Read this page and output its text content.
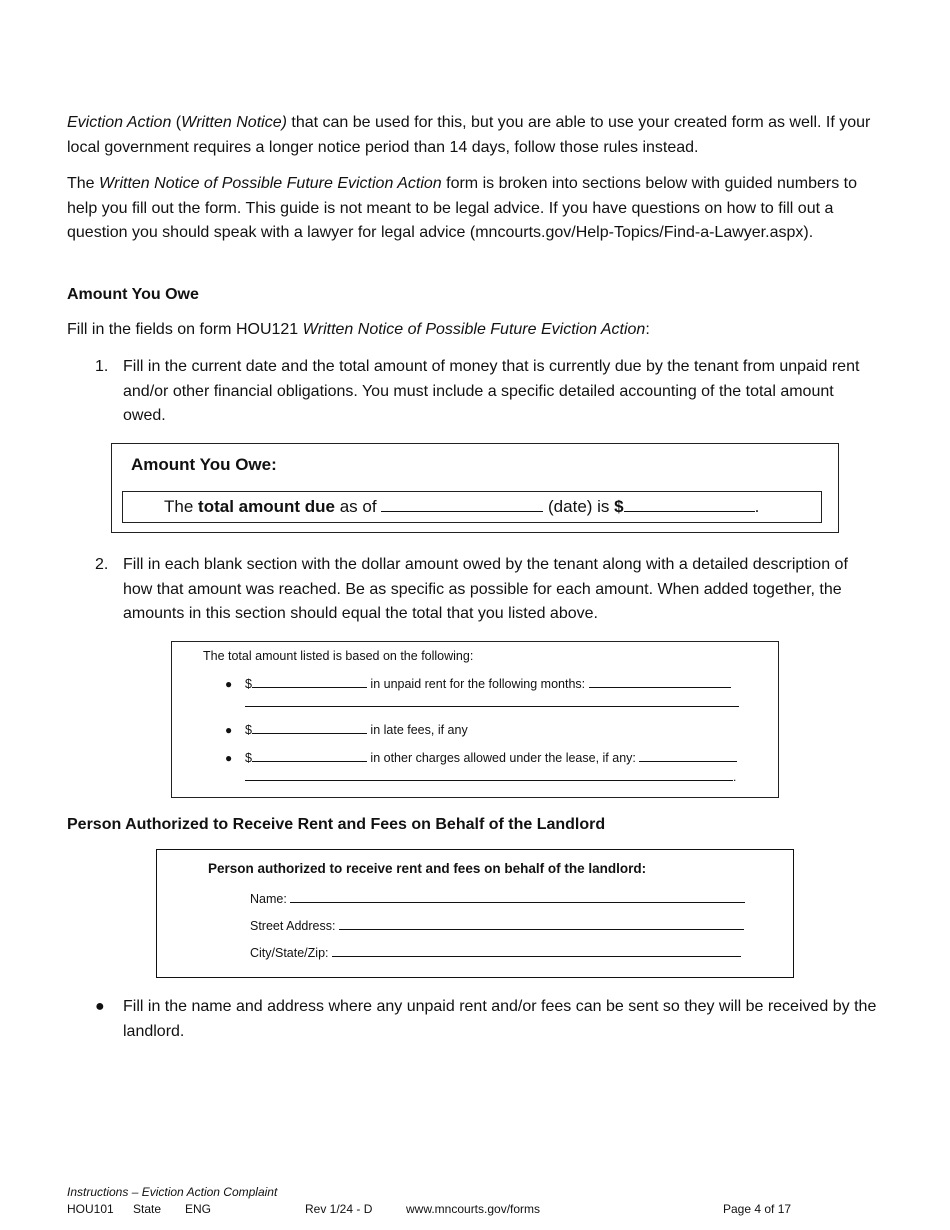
Eviction Action (Written Notice) that can be used for this, but you are able to use your created form as well. If your local government requires a longer notice period than 14 days, follow those rules instead.

The Written Notice of Possible Future Eviction Action form is broken into sections below with guided numbers to help you fill out the form. This guide is not meant to be legal advice. If you have questions on how to fill out a question you should speak with a lawyer for legal advice (mncourts.gov/Help-Topics/Find-a-Lawyer.aspx).

Amount You Owe

Fill in the fields on form HOU121 Written Notice of Possible Future Eviction Action:

1. Fill in the current date and the total amount of money that is currently due by the tenant from unpaid rent and/or other financial obligations. You must include a specific detailed accounting of the total amount owed.
Amount You Owe:
The total amount due as of	(date) is $	.
2. Fill in each blank section with the dollar amount owed by the tenant along with a detailed description of how that amount was reached. Be as specific as possible for each amount. When added together, the amounts in this section should equal the total that you listed above.
The total amount listed is based on the following:
● $	in unpaid rent for the following months:
● $	in late fees, if any
● $	in other charges allowed under the lease, if any:
.
Person Authorized to Receive Rent and Fees on Behalf of the Landlord
Person authorized to receive rent and fees on behalf of the landlord:
Name:
Street Address:
City/State/Zip:
● Fill in the name and address where any unpaid rent and/or fees can be sent so they will be received by the landlord.
Instructions – Eviction Action Complaint
HOU101 State ENG	Rev 1/24 - D	www.mncourts.gov/forms	Page 4 of 17
